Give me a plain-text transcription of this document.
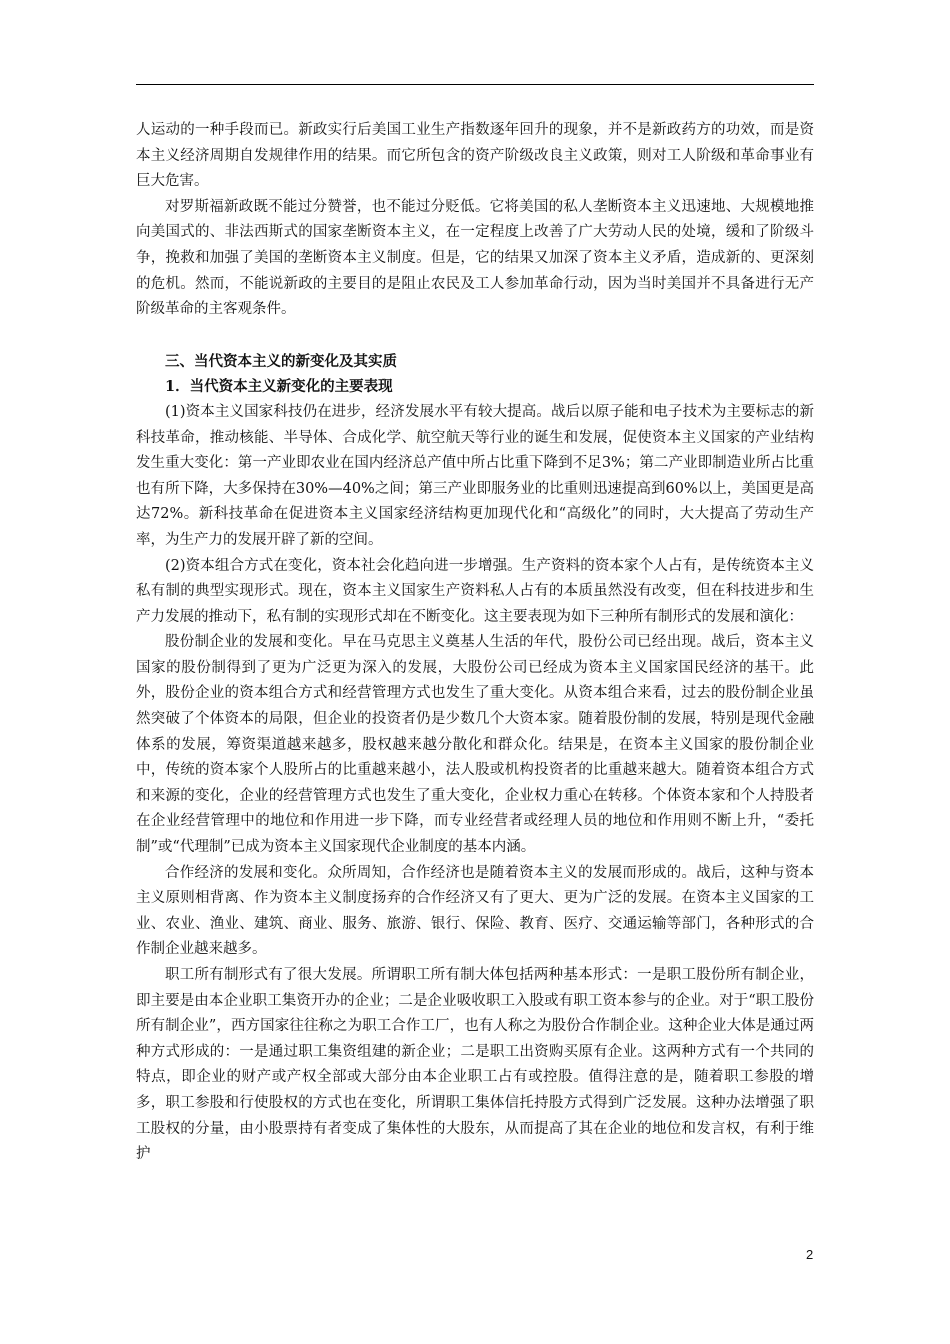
人运动的一种手段而已。新政实行后美国工业生产指数逐年回升的现象，并不是新政药方的功效，而是资本主义经济周期自发规律作用的结果。而它所包含的资产阶级改良主义政策，则对工人阶级和革命事业有巨大危害。

对罗斯福新政既不能过分赞誉，也不能过分贬低。它将美国的私人垄断资本主义迅速地、大规模地推向美国式的、非法西斯式的国家垄断资本主义，在一定程度上改善了广大劳动人民的处境，缓和了阶级斗争，挽救和加强了美国的垄断资本主义制度。但是，它的结果又加深了资本主义矛盾，造成新的、更深刻的危机。然而，不能说新政的主要目的是阻止农民及工人参加革命行动，因为当时美国并不具备进行无产阶级革命的主客观条件。

三、当代资本主义的新变化及其实质

1．当代资本主义新变化的主要表现

(1)资本主义国家科技仍在进步，经济发展水平有较大提高。战后以原子能和电子技术为主要标志的新科技革命，推动核能、半导体、合成化学、航空航天等行业的诞生和发展，促使资本主义国家的产业结构发生重大变化：第一产业即农业在国内经济总产值中所占比重下降到不足3%；第二产业即制造业所占比重也有所下降，大多保持在30%—40%之间；第三产业即服务业的比重则迅速提高到60%以上，美国更是高达72%。新科技革命在促进资本主义国家经济结构更加现代化和“高级化”的同时，大大提高了劳动生产率，为生产力的发展开辟了新的空间。

(2)资本组合方式在变化，资本社会化趋向进一步增强。生产资料的资本家个人占有，是传统资本主义私有制的典型实现形式。现在，资本主义国家生产资料私人占有的本质虽然没有改变，但在科技进步和生产力发展的推动下，私有制的实现形式却在不断变化。这主要表现为如下三种所有制形式的发展和演化：

股份制企业的发展和变化。早在马克思主义奠基人生活的年代，股份公司已经出现。战后，资本主义国家的股份制得到了更为广泛更为深入的发展，大股份公司已经成为资本主义国家国民经济的基干。此外，股份企业的资本组合方式和经营管理方式也发生了重大变化。从资本组合来看，过去的股份制企业虽然突破了个体资本的局限，但企业的投资者仍是少数几个大资本家。随着股份制的发展，特别是现代金融体系的发展，筹资渠道越来越多，股权越来越分散化和群众化。结果是，在资本主义国家的股份制企业中，传统的资本家个人股所占的比重越来越小，法人股或机构投资者的比重越来越大。随着资本组合方式和来源的变化，企业的经营管理方式也发生了重大变化，企业权力重心在转移。个体资本家和个人持股者在企业经营管理中的地位和作用进一步下降，而专业经营者或经理人员的地位和作用则不断上升，“委托制”或“代理制”已成为资本主义国家现代企业制度的基本内涵。

合作经济的发展和变化。众所周知，合作经济也是随着资本主义的发展而形成的。战后，这种与资本主义原则相背离、作为资本主义制度扬弃的合作经济又有了更大、更为广泛的发展。在资本主义国家的工业、农业、渔业、建筑、商业、服务、旅游、银行、保险、教育、医疗、交通运输等部门，各种形式的合作制企业越来越多。

职工所有制形式有了很大发展。所谓职工所有制大体包括两种基本形式：一是职工股份所有制企业，即主要是由本企业职工集资开办的企业；二是企业吸收职工入股或有职工资本参与的企业。对于“职工股份所有制企业”，西方国家往往称之为职工合作工厂，也有人称之为股份合作制企业。这种企业大体是通过两种方式形成的：一是通过职工集资组建的新企业；二是职工出资购买原有企业。这两种方式有一个共同的特点，即企业的财产或产权全部或大部分由本企业职工占有或控股。值得注意的是，随着职工参股的增多，职工参股和行使股权的方式也在变化，所谓职工集体信托持股方式得到广泛发展。这种办法增强了职工股权的分量，由小股票持有者变成了集体性的大股东，从而提高了其在企业的地位和发言权，有利于维护

2
